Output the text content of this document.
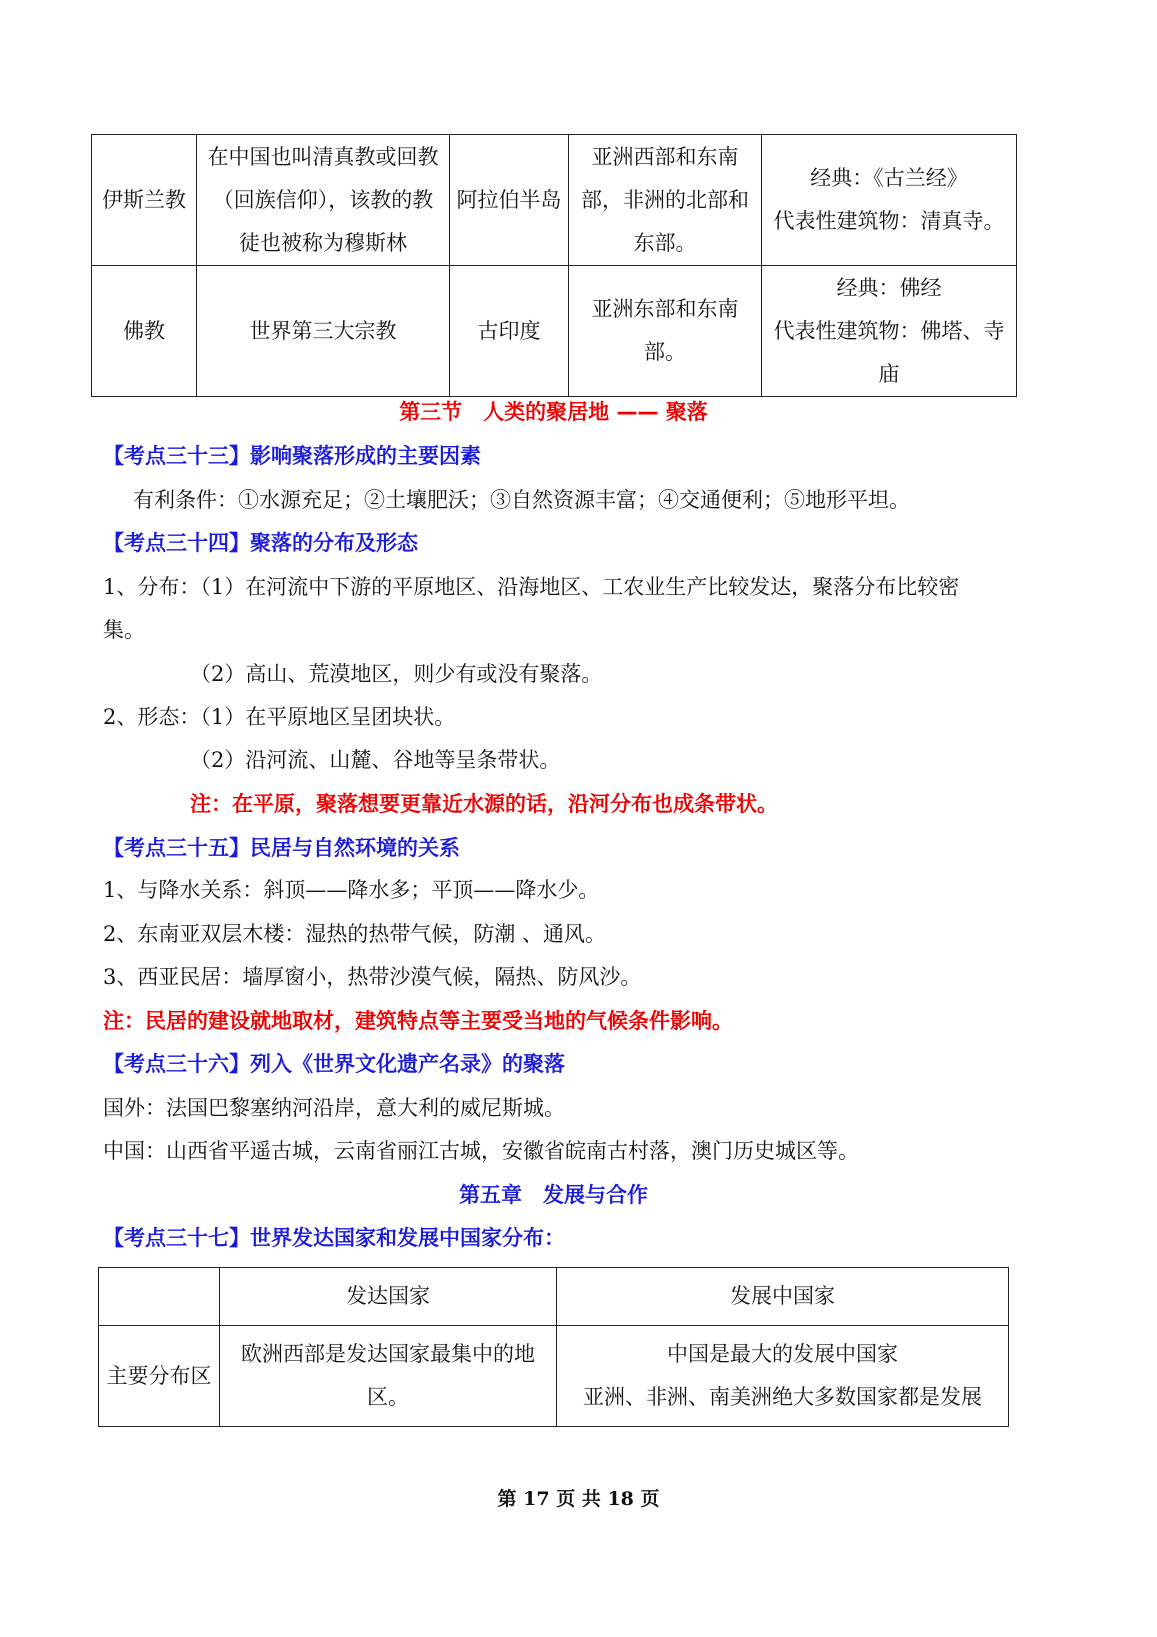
伊斯兰教	在中国也叫清真教或回教（回族信仰），该教的教徒也被称为穆斯林	阿拉伯半岛	亚洲西部和东南部，非洲的北部和东部。	经典：《古兰经》
代表性建筑物：清真寺。

佛教	世界第三大宗教	古印度	亚洲东部和东南部。	经典：佛经
代表性建筑物：佛塔、寺庙
第三节　人类的聚居地 —— 聚落
【考点三十三】影响聚落形成的主要因素
有利条件：①水源充足；②土壤肥沃；③自然资源丰富；④交通便利；⑤地形平坦。
【考点三十四】聚落的分布及形态
1、分布：（1）在河流中下游的平原地区、沿海地区、工农业生产比较发达，聚落分布比较密
集。
（2）高山、荒漠地区，则少有或没有聚落。
2、形态：（1）在平原地区呈团块状。
（2）沿河流、山麓、谷地等呈条带状。
注：在平原，聚落想要更靠近水源的话，沿河分布也成条带状。
【考点三十五】民居与自然环境的关系
1、与降水关系：斜顶——降水多；平顶——降水少。
2、东南亚双层木楼：湿热的热带气候，防潮 、通风。
3、西亚民居：墙厚窗小，热带沙漠气候，隔热、防风沙。
注：民居的建设就地取材，建筑特点等主要受当地的气候条件影响。
【考点三十六】列入《世界文化遗产名录》的聚落
国外：法国巴黎塞纳河沿岸，意大利的威尼斯城。
中国：山西省平遥古城，云南省丽江古城，安徽省皖南古村落，澳门历史城区等。
第五章　发展与合作
【考点三十七】世界发达国家和发展中国家分布：
	发达国家	发展中国家
主要分布区	欧洲西部是发达国家最集中的地区。	中国是最大的发展中国家
亚洲、非洲、南美洲绝大多数国家都是发展
第 17 页 共 18 页
